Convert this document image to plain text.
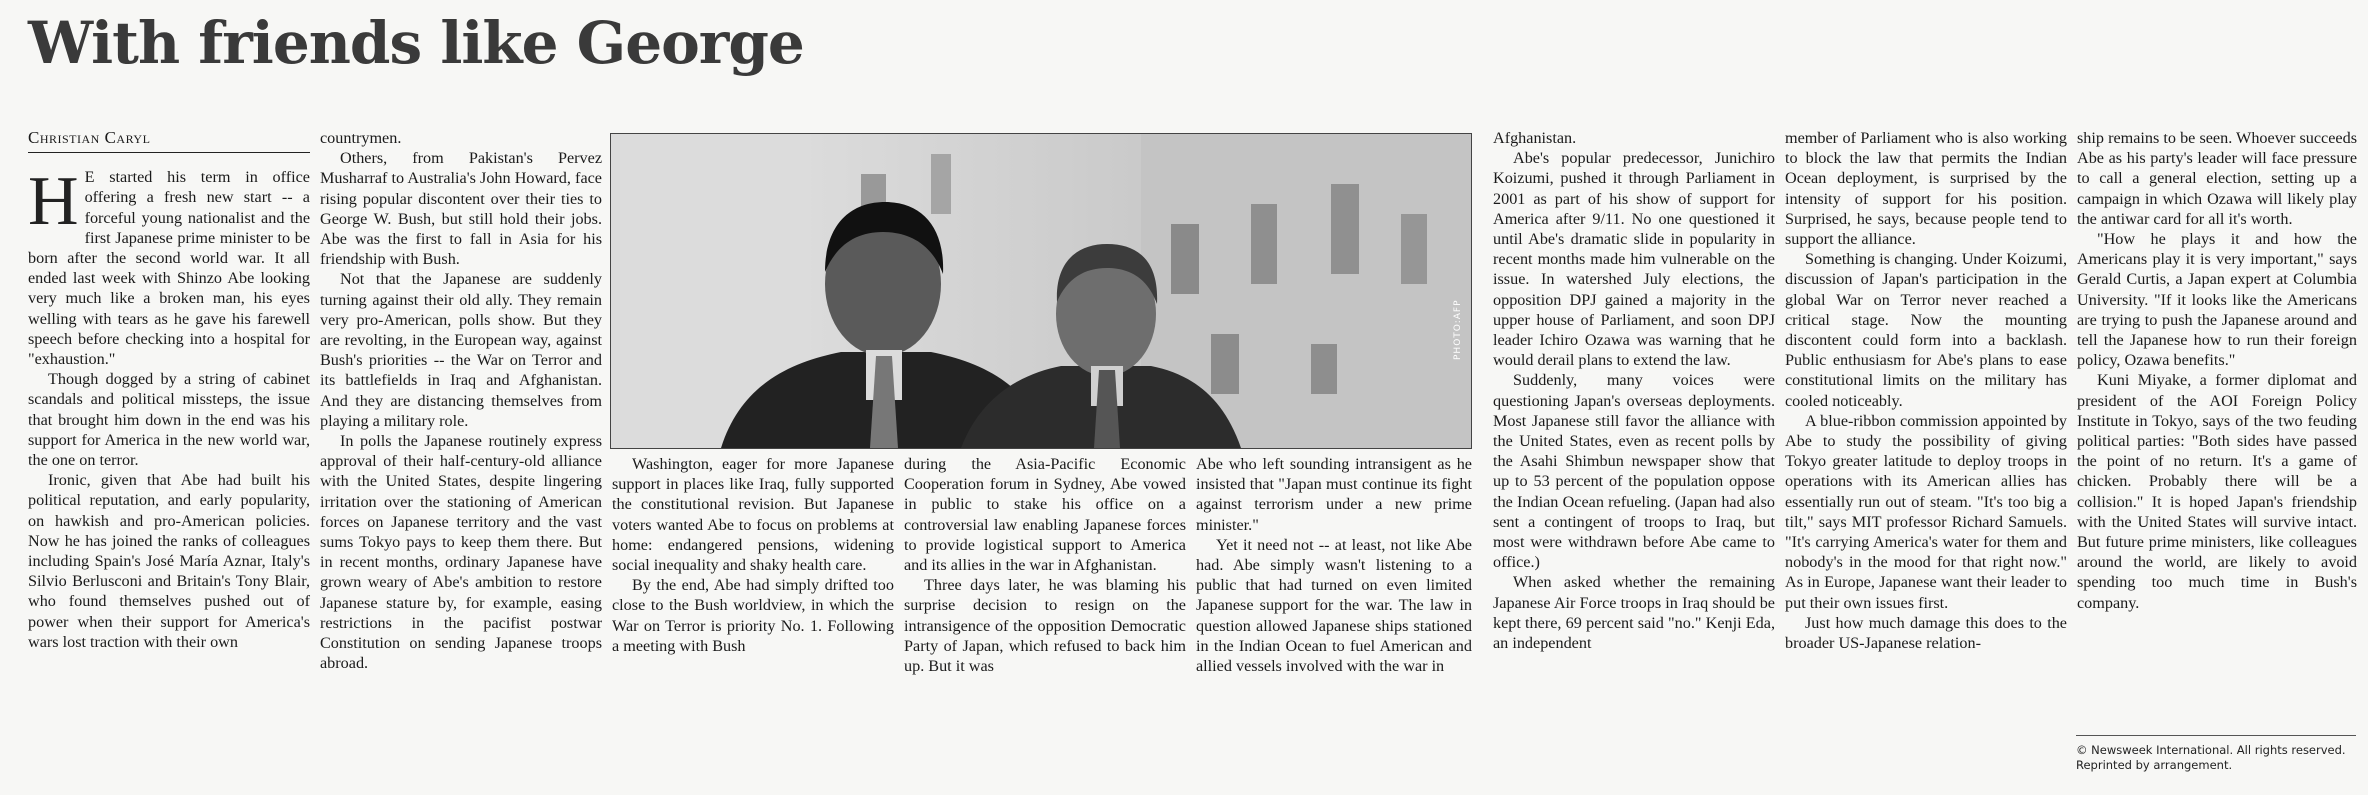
With friends like George
Christian Caryl

H E started his term in office offering a fresh new start -- a forceful young nationalist and the first Japanese prime minister to be born after the second world war. It all ended last week with Shinzo Abe looking very much like a broken man, his eyes welling with tears as he gave his farewell speech before checking into a hospital for "exhaustion."

Though dogged by a string of cabinet scandals and political missteps, the issue that brought him down in the end was his support for America in the new world war, the one on terror.

Ironic, given that Abe had built his political reputation, and early popularity, on hawkish and pro-American policies. Now he has joined the ranks of colleagues including Spain's José María Aznar, Italy's Silvio Berlusconi and Britain's Tony Blair, who found themselves pushed out of power when their support for America's wars lost traction with their own

countrymen.

Others, from Pakistan's Pervez Musharraf to Australia's John Howard, face rising popular discontent over their ties to George W. Bush, but still hold their jobs. Abe was the first to fall in Asia for his friendship with Bush.

Not that the Japanese are suddenly turning against their old ally. They remain very pro-American, polls show. But they are revolting, in the European way, against Bush's priorities -- the War on Terror and its battlefields in Iraq and Afghanistan. And they are distancing themselves from playing a military role.

In polls the Japanese routinely express approval of their half-century-old alliance with the United States, despite lingering irritation over the stationing of American forces on Japanese territory and the vast sums Tokyo pays to keep them there. But in recent months, ordinary Japanese have grown weary of Abe's ambition to restore Japanese stature by, for example, easing restrictions in the pacifist postwar Constitution on sending Japanese troops abroad.

PHOTO:AFP

Washington, eager for more Japanese support in places like Iraq, fully supported the constitutional revision. But Japanese voters wanted Abe to focus on problems at home: endangered pensions, widening social inequality and shaky health care.

By the end, Abe had simply drifted too close to the Bush worldview, in which the War on Terror is priority No. 1. Following a meeting with Bush

during the Asia-Pacific Economic Cooperation forum in Sydney, Abe vowed in public to stake his office on a controversial law enabling Japanese forces to provide logistical support to America and its allies in the war in Afghanistan.

Three days later, he was blaming his surprise decision to resign on the intransigence of the opposition Democratic Party of Japan, which refused to back him up. But it was

Abe who left sounding intransigent as he insisted that "Japan must continue its fight against terrorism under a new prime minister."

Yet it need not -- at least, not like Abe had. Abe simply wasn't listening to a public that had turned on even limited Japanese support for the war. The law in question allowed Japanese ships stationed in the Indian Ocean to fuel American and allied vessels involved with the war in

Afghanistan.

Abe's popular predecessor, Junichiro Koizumi, pushed it through Parliament in 2001 as part of his show of support for America after 9/11. No one questioned it until Abe's dramatic slide in popularity in recent months made him vulnerable on the issue. In watershed July elections, the opposition DPJ gained a majority in the upper house of Parliament, and soon DPJ leader Ichiro Ozawa was warning that he would derail plans to extend the law.

Suddenly, many voices were questioning Japan's overseas deployments. Most Japanese still favor the alliance with the United States, even as recent polls by the Asahi Shimbun newspaper show that up to 53 percent of the population oppose the Indian Ocean refueling. (Japan had also sent a contingent of troops to Iraq, but most were withdrawn before Abe came to office.)

When asked whether the remaining Japanese Air Force troops in Iraq should be kept there, 69 percent said "no." Kenji Eda, an independent

member of Parliament who is also working to block the law that permits the Indian Ocean deployment, is surprised by the intensity of support for his position. Surprised, he says, because people tend to support the alliance.

Something is changing. Under Koizumi, discussion of Japan's participation in the global War on Terror never reached a critical stage. Now the mounting discontent could form into a backlash. Public enthusiasm for Abe's plans to ease constitutional limits on the military has cooled noticeably.

A blue-ribbon commission appointed by Abe to study the possibility of giving Tokyo greater latitude to deploy troops in operations with its American allies has essentially run out of steam. "It's too big a tilt," says MIT professor Richard Samuels. "It's carrying America's water for them and nobody's in the mood for that right now." As in Europe, Japanese want their leader to put their own issues first.

Just how much damage this does to the broader US-Japanese relation-

ship remains to be seen. Whoever succeeds Abe as his party's leader will face pressure to call a general election, setting up a campaign in which Ozawa will likely play the antiwar card for all it's worth.

"How he plays it and how the Americans play it is very important," says Gerald Curtis, a Japan expert at Columbia University. "If it looks like the Americans are trying to push the Japanese around and tell the Japanese how to run their foreign policy, Ozawa benefits."

Kuni Miyake, a former diplomat and president of the AOI Foreign Policy Institute in Tokyo, says of the two feuding political parties: "Both sides have passed the point of no return. It's a game of chicken. Probably there will be a collision." It is hoped Japan's friendship with the United States will survive intact. But future prime ministers, like colleagues around the world, are likely to avoid spending too much time in Bush's company.

© Newsweek International. All rights reserved. Reprinted by arrangement.
